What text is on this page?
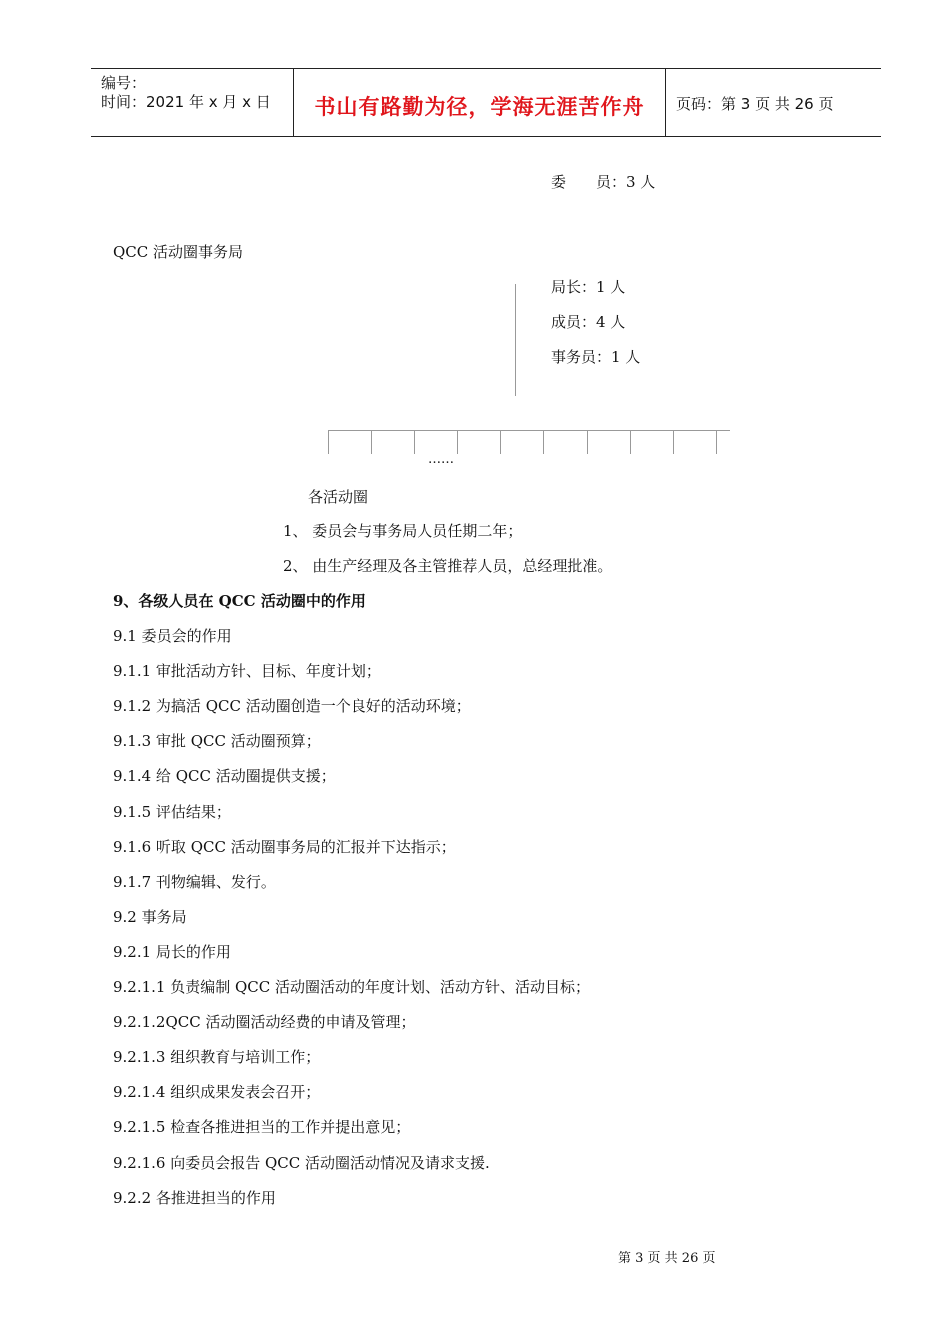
编号：
时间：2021 年 x 月 x 日	书山有路勤为径，学海无涯苦作舟	页码：第 3 页 共 26 页
委　　员：3 人
QCC 活动圈事务局
局长：1 人
成员：4 人
事务员：1 人
……
各活动圈
1、 委员会与事务局人员任期二年；
2、 由生产经理及各主管推荐人员，总经理批准。
9、各级人员在 QCC 活动圈中的作用
9.1 委员会的作用
9.1.1 审批活动方针、目标、年度计划；
9.1.2 为搞活 QCC 活动圈创造一个良好的活动环境；
9.1.3 审批 QCC 活动圈预算；
9.1.4 给 QCC 活动圈提供支援；
9.1.5 评估结果；
9.1.6 听取 QCC 活动圈事务局的汇报并下达指示；
9.1.7 刊物编辑、发行。
9.2 事务局
9.2.1 局长的作用
9.2.1.1 负责编制 QCC 活动圈活动的年度计划、活动方针、活动目标；
9.2.1.2QCC 活动圈活动经费的申请及管理；
9.2.1.3 组织教育与培训工作；
9.2.1.4 组织成果发表会召开；
9.2.1.5 检查各推进担当的工作并提出意见；
9.2.1.6 向委员会报告 QCC 活动圈活动情况及请求支援.
9.2.2 各推进担当的作用
第 3 页 共 26 页
